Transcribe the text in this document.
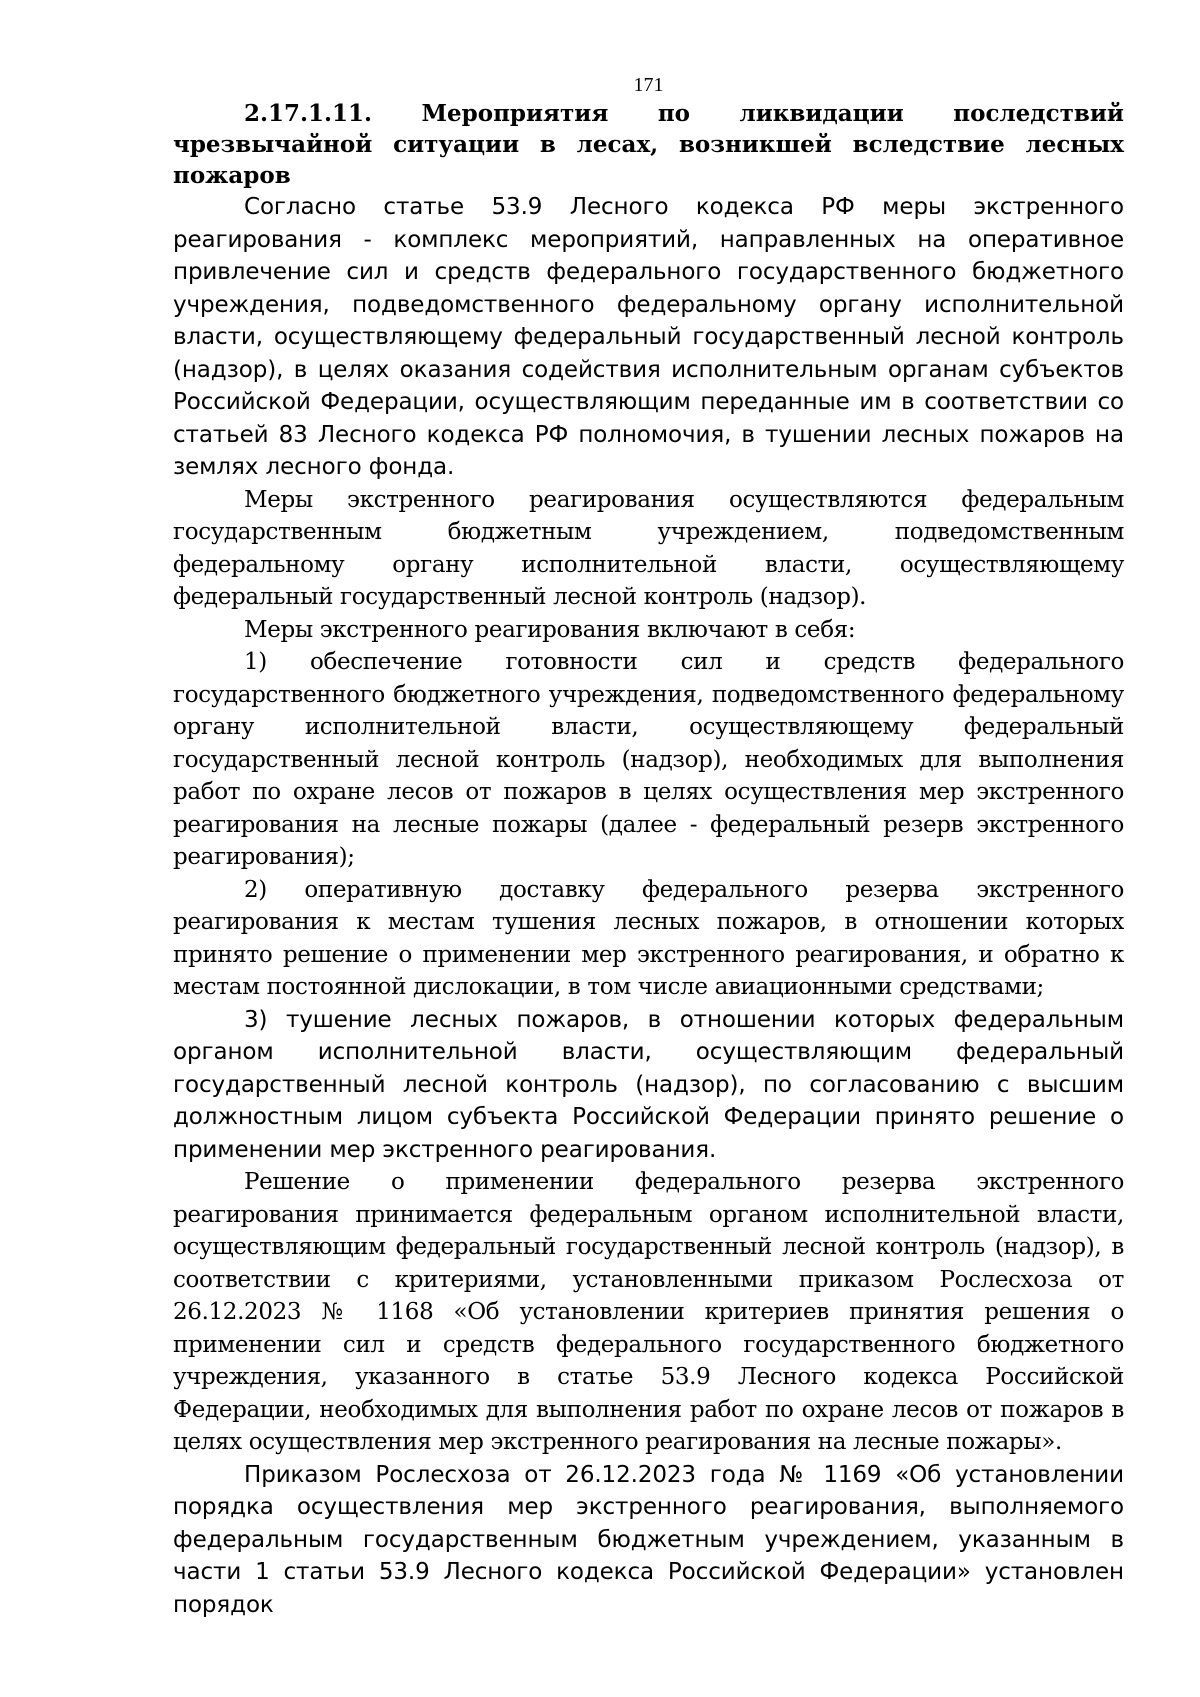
171

2.17.1.11. Мероприятия по ликвидации последствий чрезвычайной ситуации в лесах, возникшей вследствие лесных пожаров

Согласно статье 53.9 Лесного кодекса РФ меры экстренного реагирования - комплекс мероприятий, направленных на оперативное привлечение сил и средств федерального государственного бюджетного учреждения, подведомственного федеральному органу исполнительной власти, осуществляющему федеральный государственный лесной контроль (надзор), в целях оказания содействия исполнительным органам субъектов Российской Федерации, осуществляющим переданные им в соответствии со статьей 83 Лесного кодекса РФ полномочия, в тушении лесных пожаров на землях лесного фонда.

Меры экстренного реагирования осуществляются федеральным государственным бюджетным учреждением, подведомственным федеральному органу исполнительной власти, осуществляющему федеральный государственный лесной контроль (надзор).

Меры экстренного реагирования включают в себя:

1) обеспечение готовности сил и средств федерального государственного бюджетного учреждения, подведомственного федеральному органу исполнительной власти, осуществляющему федеральный государственный лесной контроль (надзор), необходимых для выполнения работ по охране лесов от пожаров в целях осуществления мер экстренного реагирования на лесные пожары (далее - федеральный резерв экстренного реагирования);

2) оперативную доставку федерального резерва экстренного реагирования к местам тушения лесных пожаров, в отношении которых принято решение о применении мер экстренного реагирования, и обратно к местам постоянной дислокации, в том числе авиационными средствами;

3) тушение лесных пожаров, в отношении которых федеральным органом исполнительной власти, осуществляющим федеральный государственный лесной контроль (надзор), по согласованию с высшим должностным лицом субъекта Российской Федерации принято решение о применении мер экстренного реагирования.

Решение о применении федерального резерва экстренного реагирования принимается федеральным органом исполнительной власти, осуществляющим федеральный государственный лесной контроль (надзор), в соответствии с критериями, установленными приказом Рослесхоза от 26.12.2023 № 1168 «Об установлении критериев принятия решения о применении сил и средств федерального государственного бюджетного учреждения, указанного в статье 53.9 Лесного кодекса Российской Федерации, необходимых для выполнения работ по охране лесов от пожаров в целях осуществления мер экстренного реагирования на лесные пожары».

Приказом Рослесхоза от 26.12.2023 года № 1169 «Об установлении порядка осуществления мер экстренного реагирования, выполняемого федеральным государственным бюджетным учреждением, указанным в части 1 статьи 53.9 Лесного кодекса Российской Федерации» установлен порядок
